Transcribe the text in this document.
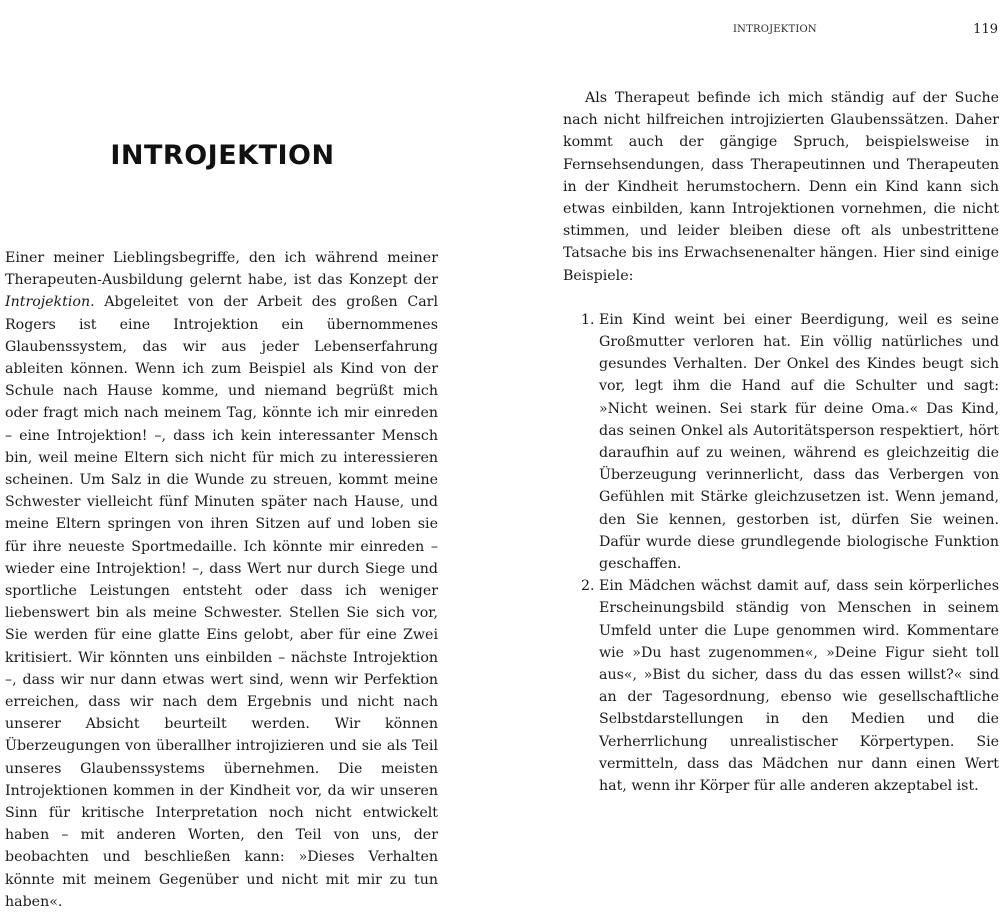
INTROJEKTION	119
INTROJEKTION

Einer meiner Lieblingsbegriffe, den ich während meiner Therapeuten-Ausbildung gelernt habe, ist das Konzept der Introjektion. Abgeleitet von der Arbeit des großen Carl Rogers ist eine Introjektion ein übernommenes Glaubenssystem, das wir aus jeder Lebenserfahrung ableiten können. Wenn ich zum Beispiel als Kind von der Schule nach Hause komme, und niemand begrüßt mich oder fragt mich nach meinem Tag, könnte ich mir einreden – eine Introjektion! –, dass ich kein interessanter Mensch bin, weil meine Eltern sich nicht für mich zu interessieren scheinen. Um Salz in die Wunde zu streuen, kommt meine Schwester vielleicht fünf Minuten später nach Hause, und meine Eltern springen von ihren Sitzen auf und loben sie für ihre neueste Sportmedaille. Ich könnte mir einreden – wieder eine Introjektion! –, dass Wert nur durch Siege und sportliche Leistungen entsteht oder dass ich weniger liebenswert bin als meine Schwester. Stellen Sie sich vor, Sie werden für eine glatte Eins gelobt, aber für eine Zwei kritisiert. Wir könnten uns einbilden – nächste Introjektion –, dass wir nur dann etwas wert sind, wenn wir Perfektion erreichen, dass wir nach dem Ergebnis und nicht nach unserer Absicht beurteilt werden. Wir können Überzeugungen von überallher introjizieren und sie als Teil unseres Glaubenssystems übernehmen. Die meisten Introjektionen kommen in der Kindheit vor, da wir unseren Sinn für kritische Interpretation noch nicht entwickelt haben – mit anderen Worten, den Teil von uns, der beobachten und beschließen kann: »Dieses Verhalten könnte mit meinem Gegenüber und nicht mit mir zu tun haben«.

Als Therapeut befinde ich mich ständig auf der Suche nach nicht hilfreichen introjizierten Glaubenssätzen. Daher kommt auch der gängige Spruch, beispielsweise in Fernsehsendungen, dass Therapeutinnen und Therapeuten in der Kindheit herumstochern. Denn ein Kind kann sich etwas einbilden, kann Introjektionen vornehmen, die nicht stimmen, und leider bleiben diese oft als unbestrittene Tatsache bis ins Erwachsenenalter hängen. Hier sind einige Beispiele:

1. Ein Kind weint bei einer Beerdigung, weil es seine Großmutter verloren hat. Ein völlig natürliches und gesundes Verhalten. Der Onkel des Kindes beugt sich vor, legt ihm die Hand auf die Schulter und sagt: »Nicht weinen. Sei stark für deine Oma.« Das Kind, das seinen Onkel als Autoritätsperson respektiert, hört daraufhin auf zu weinen, während es gleichzeitig die Überzeugung verinnerlicht, dass das Verbergen von Gefühlen mit Stärke gleichzusetzen ist. Wenn jemand, den Sie kennen, gestorben ist, dürfen Sie weinen. Dafür wurde diese grundlegende biologische Funktion geschaffen.
2. Ein Mädchen wächst damit auf, dass sein körperliches Erscheinungsbild ständig von Menschen in seinem Umfeld unter die Lupe genommen wird. Kommentare wie »Du hast zugenommen«, »Deine Figur sieht toll aus«, »Bist du sicher, dass du das essen willst?« sind an der Tagesordnung, ebenso wie gesellschaftliche Selbstdarstellungen in den Medien und die Verherrlichung unrealistischer Körpertypen. Sie vermitteln, dass das Mädchen nur dann einen Wert hat, wenn ihr Körper für alle anderen akzeptabel ist.
